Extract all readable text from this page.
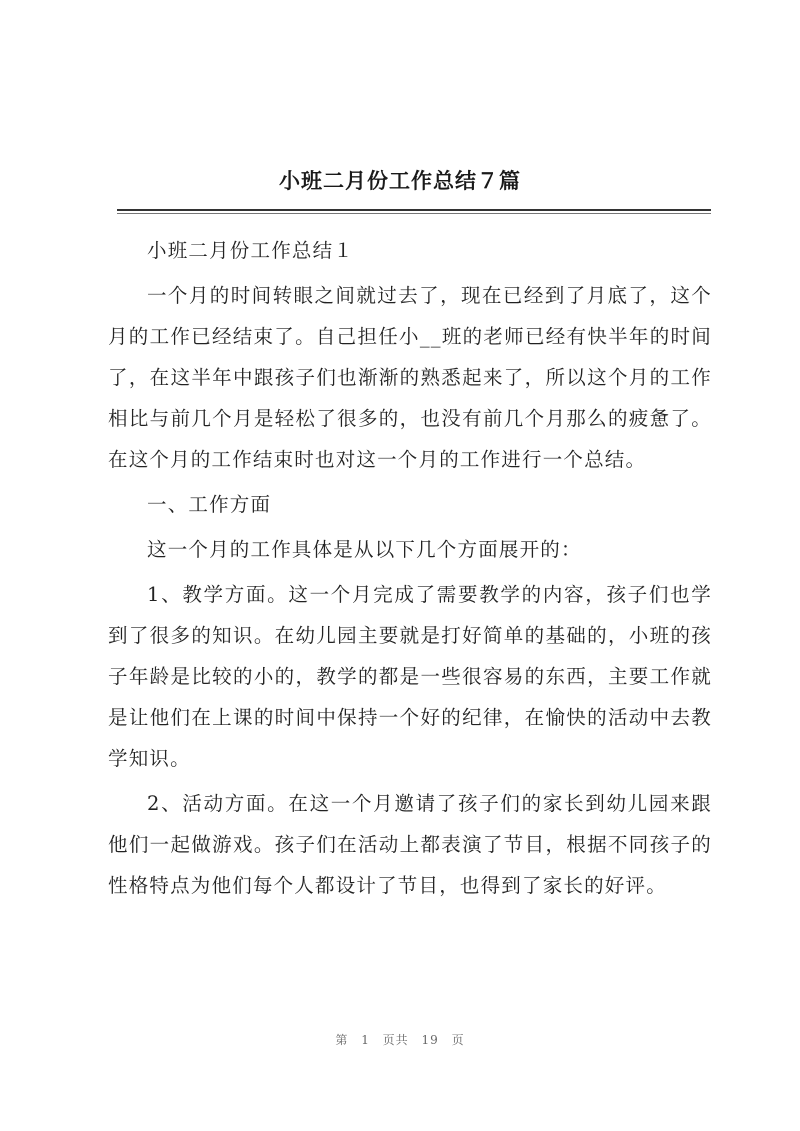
小班二月份工作总结７篇

小班二月份工作总结１

一个月的时间转眼之间就过去了，现在已经到了月底了，这个月的工作已经结束了。自己担任小__班的老师已经有快半年的时间了，在这半年中跟孩子们也渐渐的熟悉起来了，所以这个月的工作相比与前几个月是轻松了很多的，也没有前几个月那么的疲惫了。在这个月的工作结束时也对这一个月的工作进行一个总结。

一、工作方面

这一个月的工作具体是从以下几个方面展开的：

1、教学方面。这一个月完成了需要教学的内容，孩子们也学到了很多的知识。在幼儿园主要就是打好简单的基础的，小班的孩子年龄是比较的小的，教学的都是一些很容易的东西，主要工作就是让他们在上课的时间中保持一个好的纪律，在愉快的活动中去教学知识。

2、活动方面。在这一个月邀请了孩子们的家长到幼儿园来跟他们一起做游戏。孩子们在活动上都表演了节目，根据不同孩子的性格特点为他们每个人都设计了节目，也得到了家长的好评。

第 1 页共 19 页
